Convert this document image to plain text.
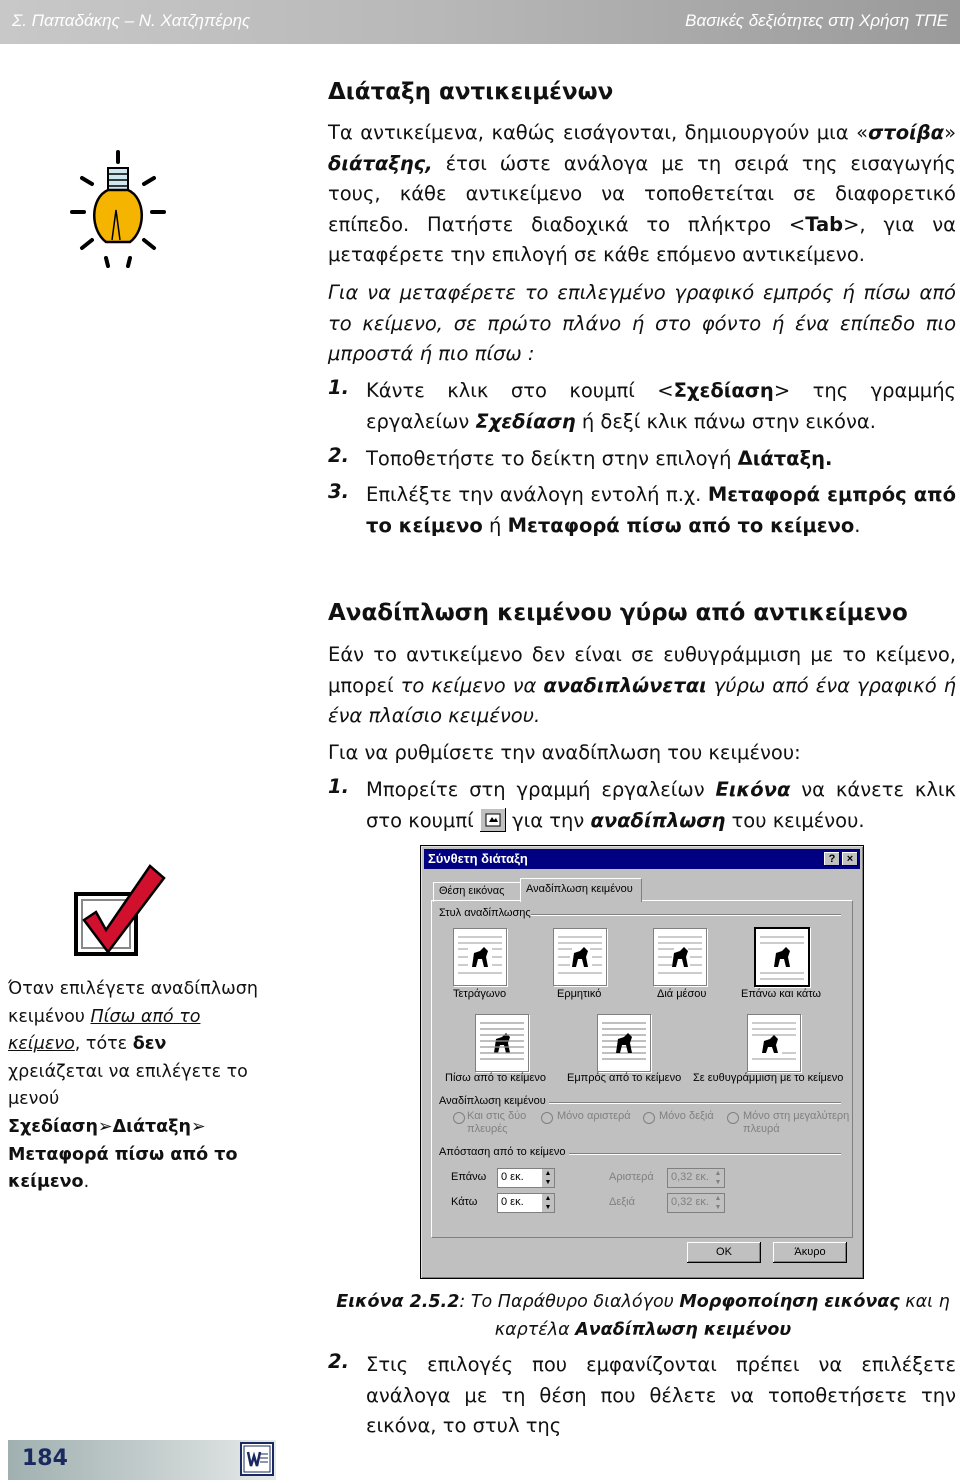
Σ. Παπαδάκης – Ν. Χατζηπέρης	Βασικές δεξιότητες στη Χρήση ΤΠΕ
Διάταξη αντικειμένων
Τα αντικείμενα, καθώς εισάγονται, δημιουργούν μια «στοίβα» διάταξης, έτσι ώστε ανάλογα με τη σειρά της εισαγωγής τους, κάθε αντικείμενο να τοποθετείται σε διαφορετικό επίπεδο. Πατήστε διαδοχικά το πλήκτρο <Tab>, για να μεταφέρετε την επιλογή σε κάθε επόμενο αντικείμενο.
Για να μεταφέρετε το επιλεγμένο γραφικό εμπρός ή πίσω από το κείμενο, σε πρώτο πλάνο ή στο φόντο ή ένα επίπεδο πιο μπροστά ή πιο πίσω :
1. Κάντε κλικ στο κουμπί <Σχεδίαση> της γραμμής εργαλείων Σχεδίαση ή δεξί κλικ πάνω στην εικόνα.
2. Τοποθετήστε το δείκτη στην επιλογή Διάταξη.
3. Επιλέξτε την ανάλογη εντολή π.χ. Μεταφορά εμπρός από το κείμενο ή Μεταφορά πίσω από το κείμενο.
Αναδίπλωση κειμένου γύρω από αντικείμενο
Εάν το αντικείμενο δεν είναι σε ευθυγράμμιση με το κείμενο, μπορεί το κείμενο να αναδιπλώνεται γύρω από ένα γραφικό ή ένα πλαίσιο κειμένου.
Για να ρυθμίσετε την αναδίπλωση του κειμένου:
1. Μπορείτε στη γραμμή εργαλείων Εικόνα να κάνετε κλικ στο κουμπί  για την αναδίπλωση του κειμένου.
Όταν επιλέγετε αναδίπλωση κειμένου Πίσω από το κείμενο, τότε δεν χρειάζεται να επιλέγετε το μενού Σχεδίαση➢Διάταξη➢ Μεταφορά πίσω από το κείμενο.
Σύνθετη διάταξη	?	×
Θέση εικόνας	Αναδίπλωση κειμένου
Στυλ αναδίπλωσης
Τετράγωνο	Ερμητικό	Διά μέσου	Επάνω και κάτω
Πίσω από το κείμενο Εμπρός από το κείμενο Σε ευθυγράμμιση με το κείμενο
Αναδίπλωση κειμένου
Και στις δύο πλευρές
Μόνο αριστερά	Μόνο δεξιά	Μόνο στη μεγαλύτερη πλευρά
Απόσταση από το κείμενο
Επάνω 0 εκ.	▲
▼
Κάτω 0 εκ.	▲
▼
Αριστερά 0,32 εκ. ▲
▼
Δεξιά	0,32 εκ. ▲
▼
OK	Άκυρο
Εικόνα 2.5.2: Το Παράθυρο διαλόγου Μορφοποίηση εικόνας και η καρτέλα Αναδίπλωση κειμένου
2. Στις επιλογές που εμφανίζονται πρέπει να επιλέξετε ανάλογα με τη θέση που θέλετε να τοποθετήσετε την εικόνα, το στυλ της
184
